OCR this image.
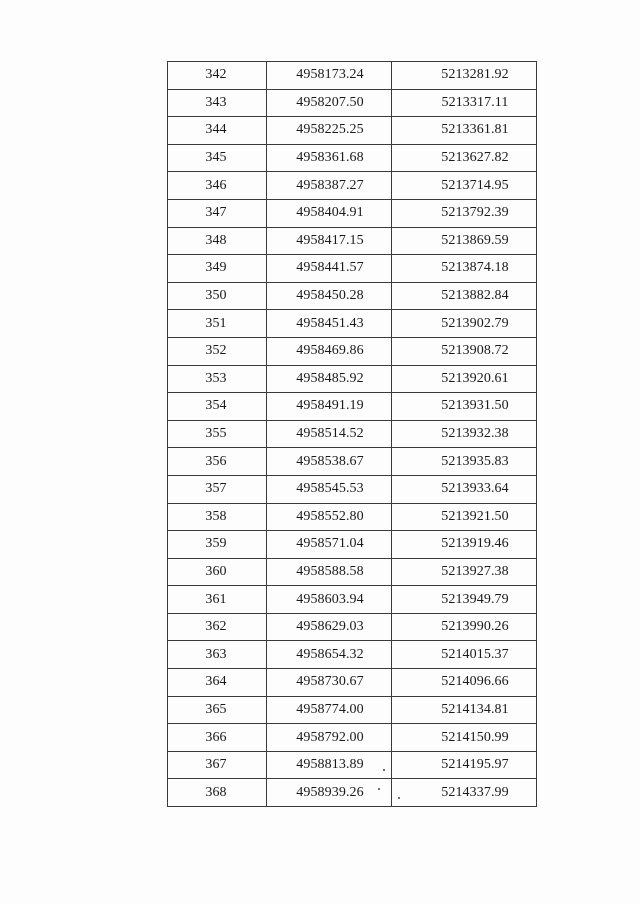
342	4958173.24	5213281.92
343	4958207.50	5213317.11
344	4958225.25	5213361.81
345	4958361.68	5213627.82
346	4958387.27	5213714.95
347	4958404.91	5213792.39
348	4958417.15	5213869.59
349	4958441.57	5213874.18
350	4958450.28	5213882.84
351	4958451.43	5213902.79
352	4958469.86	5213908.72
353	4958485.92	5213920.61
354	4958491.19	5213931.50
355	4958514.52	5213932.38
356	4958538.67	5213935.83
357	4958545.53	5213933.64
358	4958552.80	5213921.50
359	4958571.04	5213919.46
360	4958588.58	5213927.38
361	4958603.94	5213949.79
362	4958629.03	5213990.26
363	4958654.32	5214015.37
364	4958730.67	5214096.66
365	4958774.00	5214134.81
366	4958792.00	5214150.99
367	4958813.89	5214195.97
368	4958939.26	5214337.99
